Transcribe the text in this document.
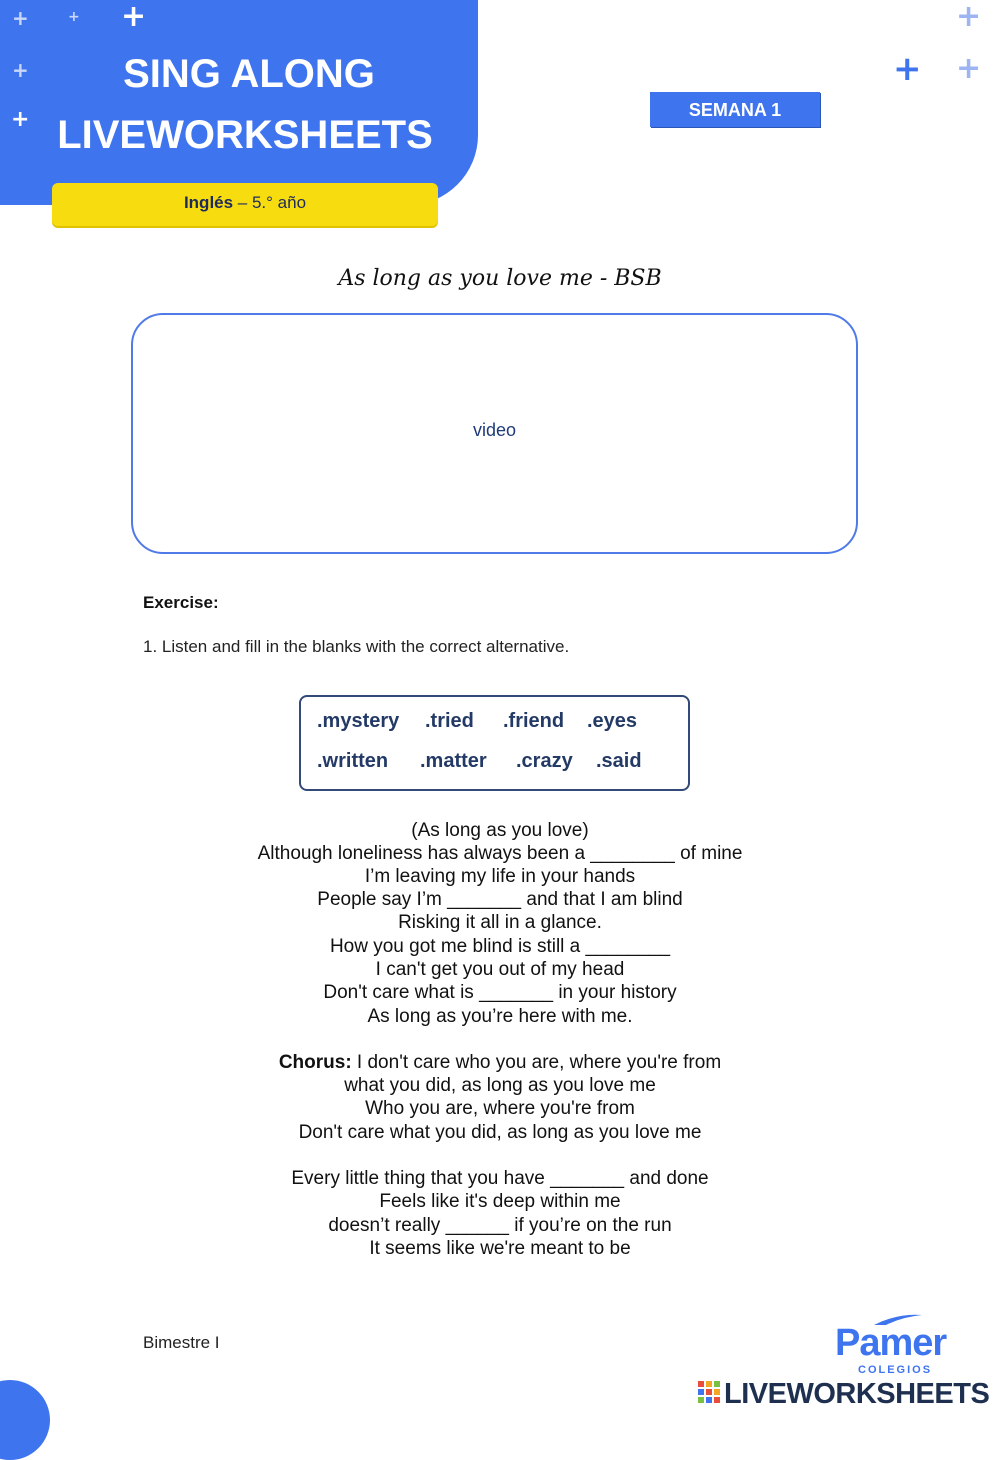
+	+ +
+
+
SING ALONG
LIVEWORKSHEETS
Inglés – 5.° año
+
+ +
SEMANA 1
As long as you love me - BSB
video
Exercise:
1. Listen and fill in the blanks with the correct alternative.
.mystery .tried .friend .eyes
.written .matter .crazy .said
(As long as you love)
Although loneliness has always been a ________ of mine
I’m leaving my life in your hands
People say I’m _______ and that I am blind
Risking it all in a glance.
How you got me blind is still a ________
I can't get you out of my head
Don't care what is _______ in your history
As long as you’re here with me.
Chorus: I don't care who you are, where you're from
what you did, as long as you love me
Who you are, where you're from
Don't care what you did, as long as you love me
Every little thing that you have _______ and done
Feels like it's deep within me
doesn’t really ______ if you’re on the run
It seems like we're meant to be
Bimestre I	Pamer
COLEGIOS
LIVEWORKSHEETS
